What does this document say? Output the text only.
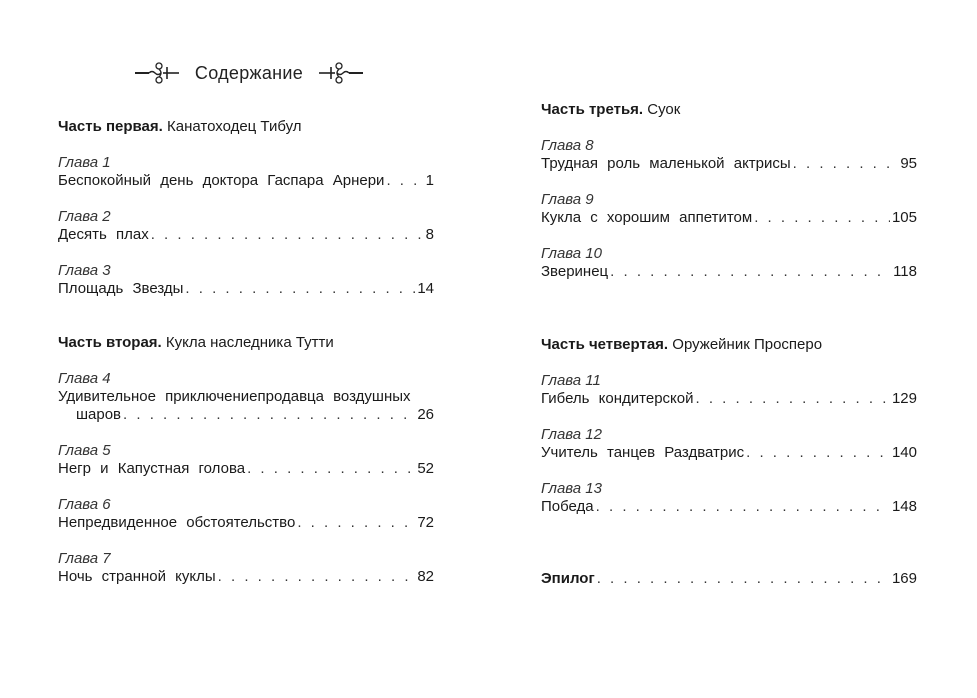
Содержание
Часть первая. Канатоходец Тибул
Глава 1
Беспокойный день доктора Гаспара Арнери . . .	1
Глава 2
Десять плах . . .	8
Глава 3
Площадь Звезды . . .	14
Часть вторая. Кукла наследника Тутти
Глава 4
Удивительное приключениепродавца воздушных
шаров . . .	26
Глава 5
Негр и Капустная голова . . .	52
Глава 6
Непредвиденное обстоятельство . . .	72
Глава 7
Ночь странной куклы . . .	82
Часть третья. Суок
Глава 8
Трудная роль маленькой актрисы . . .	95
Глава 9
Кукла с хорошим аппетитом . . .	105
Глава 10
Зверинец . . .	118
Часть четвертая. Оружейник Просперо
Глава 11
Гибель кондитерской . . .	129
Глава 12
Учитель танцев Раздватрис . . .	140
Глава 13
Победа . . .	148
Эпилог . . .	169
